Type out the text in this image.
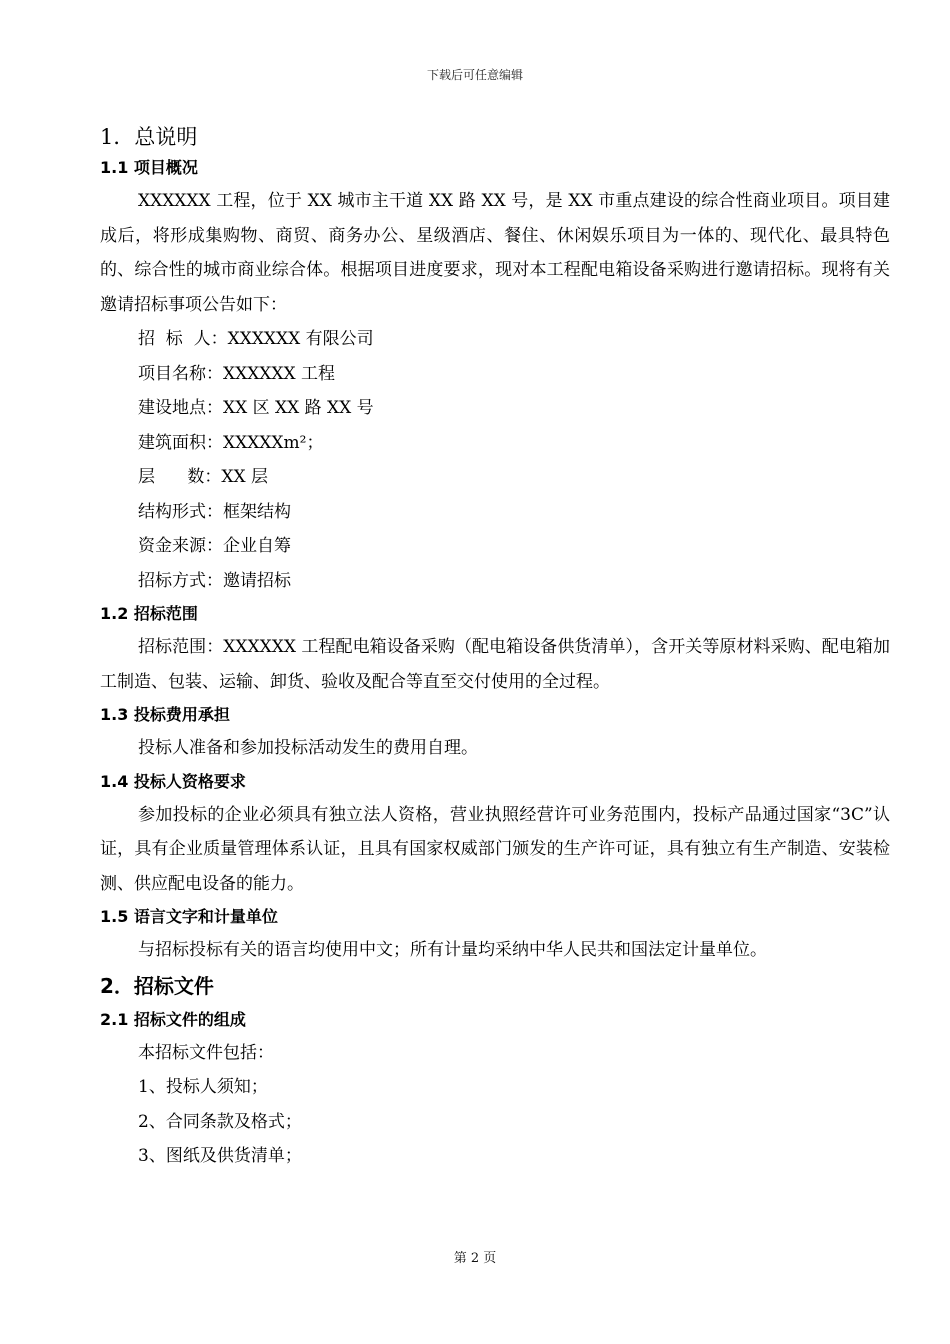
下载后可任意编辑
1．总说明
1.1 项目概况
XXXXXX 工程，位于 XX 城市主干道 XX 路 XX 号，是 XX 市重点建设的综合性商业项目。项目建成后，将形成集购物、商贸、商务办公、星级酒店、餐住、休闲娱乐项目为一体的、现代化、最具特色的、综合性的城市商业综合体。根据项目进度要求，现对本工程配电箱设备采购进行邀请招标。现将有关邀请招标事项公告如下：
招  标  人：XXXXXX 有限公司
项目名称：XXXXXX 工程
建设地点：XX 区 XX 路 XX 号
建筑面积：XXXXXm²；
层      数：XX 层
结构形式：框架结构
资金来源：企业自筹
招标方式：邀请招标
1.2 招标范围
招标范围：XXXXXX 工程配电箱设备采购（配电箱设备供货清单），含开关等原材料采购、配电箱加工制造、包装、运输、卸货、验收及配合等直至交付使用的全过程。
1.3 投标费用承担
投标人准备和参加投标活动发生的费用自理。
1.4 投标人资格要求
参加投标的企业必须具有独立法人资格，营业执照经营许可业务范围内，投标产品通过国家“3C”认证，具有企业质量管理体系认证，且具有国家权威部门颁发的生产许可证，具有独立有生产制造、安装检测、供应配电设备的能力。
1.5 语言文字和计量单位
与招标投标有关的语言均使用中文；所有计量均采纳中华人民共和国法定计量单位。
2．招标文件
2.1 招标文件的组成
本招标文件包括：
1、投标人须知；
2、合同条款及格式；
3、图纸及供货清单；
第 2 页
